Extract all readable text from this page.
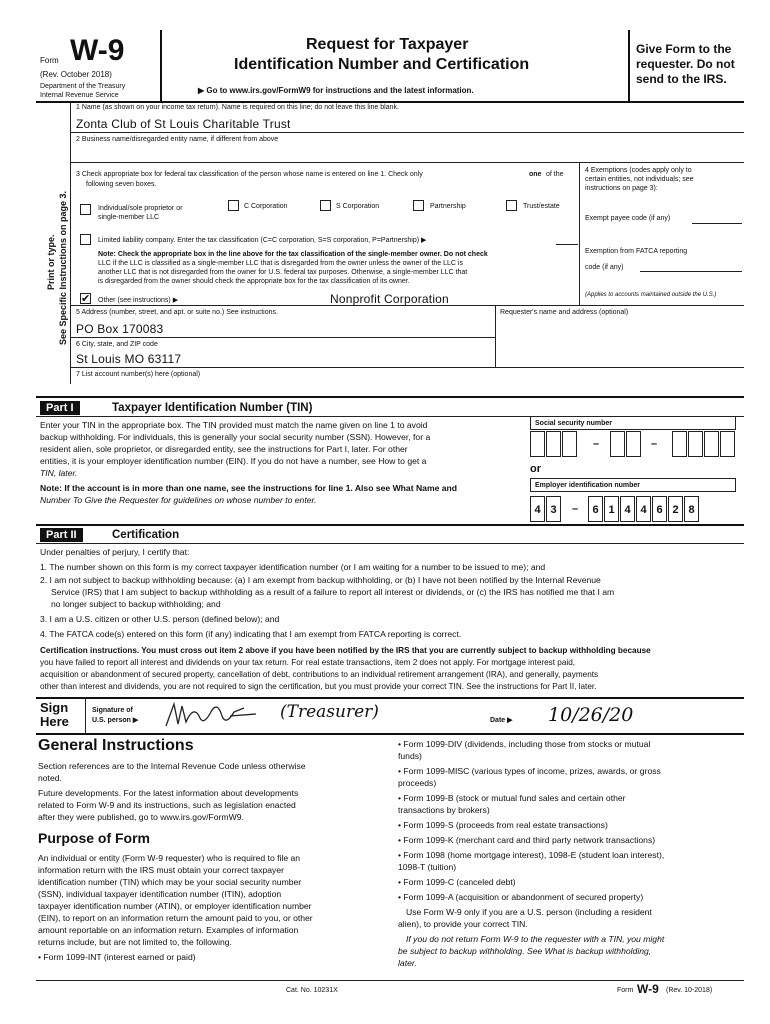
Form W-9
(Rev. October 2018)
Department of the Treasury
Internal Revenue Service
Request for Taxpayer
Identification Number and Certification
▶ Go to www.irs.gov/FormW9 for instructions and the latest information.
Give Form to the
requester. Do not
send to the IRS.
Print or type. See Specific Instructions on page 3.
1 Name (as shown on your income tax return). Name is required on this line; do not leave this line blank.
Zonta Club of St Louis Charitable Trust
2 Business name/disregarded entity name, if different from above
3 Check appropriate box for federal tax classification of the person whose name is entered on line 1. Check only	one of the
following seven boxes.
Individual/sole proprietor or
single-member LLC
C Corporation	S Corporation	Partnership	Trust/estate
Limited liability company. Enter the tax classification (C=C corporation, S=S corporation, P=Partnership) ▶
Note: Check the appropriate box in the line above for the tax classification of the single-member owner. Do not check
LLC if the LLC is classified as a single-member LLC that is disregarded from the owner unless the owner of the LLC is
another LLC that is not disregarded from the owner for U.S. federal tax purposes. Otherwise, a single-member LLC that
is disregarded from the owner should check the appropriate box for the tax classification of its owner.
✔ Other (see instructions) ▶	Nonprofit Corporation
4 Exemptions (codes apply only to
certain entities, not individuals; see
instructions on page 3):
Exempt payee code (if any)
Exemption from FATCA reporting
code (if any)
(Applies to accounts maintained outside the U.S.)
5 Address (number, street, and apt. or suite no.) See instructions.
PO Box 170083
Requester's name and address (optional)
6 City, state, and ZIP code
St Louis MO 63117
7 List account number(s) here (optional)
Part I	Taxpayer Identification Number (TIN)
Enter your TIN in the appropriate box. The TIN provided must match the name given on line 1 to avoid
backup withholding. For individuals, this is generally your social security number (SSN). However, for a
resident alien, sole proprietor, or disregarded entity, see the instructions for Part I, later. For other
entities, it is your employer identification number (EIN). If you do not have a number, see How to get a
TIN, later.
Note: If the account is in more than one name, see the instructions for line 1. Also see What Name and
Number To Give the Requester for guidelines on whose number to enter.
Social security number
–	–
or
Employer identification number
4 3	–	6 1 4 4 6 2 8
Part II	Certification
Under penalties of perjury, I certify that:
1. The number shown on this form is my correct taxpayer identification number (or I am waiting for a number to be issued to me); and
2. I am not subject to backup withholding because: (a) I am exempt from backup withholding, or (b) I have not been notified by the Internal Revenue
Service (IRS) that I am subject to backup withholding as a result of a failure to report all interest or dividends, or (c) the IRS has notified me that I am
no longer subject to backup withholding; and
3. I am a U.S. citizen or other U.S. person (defined below); and
4. The FATCA code(s) entered on this form (if any) indicating that I am exempt from FATCA reporting is correct.
Certification instructions. You must cross out item 2 above if you have been notified by the IRS that you are currently subject to backup withholding because
you have failed to report all interest and dividends on your tax return. For real estate transactions, item 2 does not apply. For mortgage interest paid,
acquisition or abandonment of secured property, cancellation of debt, contributions to an individual retirement arrangement (IRA), and generally, payments
other than interest and dividends, you are not required to sign the certification, but you must provide your correct TIN. See the instructions for Part II, later.
Sign
Here
Signature of
U.S. person ▶	(Treasurer)	Date ▶ 10/26/20
General Instructions
Section references are to the Internal Revenue Code unless otherwise
noted.
Future developments. For the latest information about developments
related to Form W-9 and its instructions, such as legislation enacted
after they were published, go to www.irs.gov/FormW9.
Purpose of Form
An individual or entity (Form W-9 requester) who is required to file an
information return with the IRS must obtain your correct taxpayer
identification number (TIN) which may be your social security number
(SSN), individual taxpayer identification number (ITIN), adoption
taxpayer identification number (ATIN), or employer identification number
(EIN), to report on an information return the amount paid to you, or other
amount reportable on an information return. Examples of information
returns include, but are not limited to, the following.
• Form 1099-INT (interest earned or paid)
• Form 1099-DIV (dividends, including those from stocks or mutual
funds)
• Form 1099-MISC (various types of income, prizes, awards, or gross
proceeds)
• Form 1099-B (stock or mutual fund sales and certain other
transactions by brokers)
• Form 1099-S (proceeds from real estate transactions)
• Form 1099-K (merchant card and third party network transactions)
• Form 1098 (home mortgage interest), 1098-E (student loan interest),
1098-T (tuition)
• Form 1099-C (canceled debt)
• Form 1099-A (acquisition or abandonment of secured property)
Use Form W-9 only if you are a U.S. person (including a resident
alien), to provide your correct TIN.
If you do not return Form W-9 to the requester with a TIN, you might
be subject to backup withholding. See What is backup withholding,
later.
Cat. No. 10231X	Form W-9 (Rev. 10-2018)
